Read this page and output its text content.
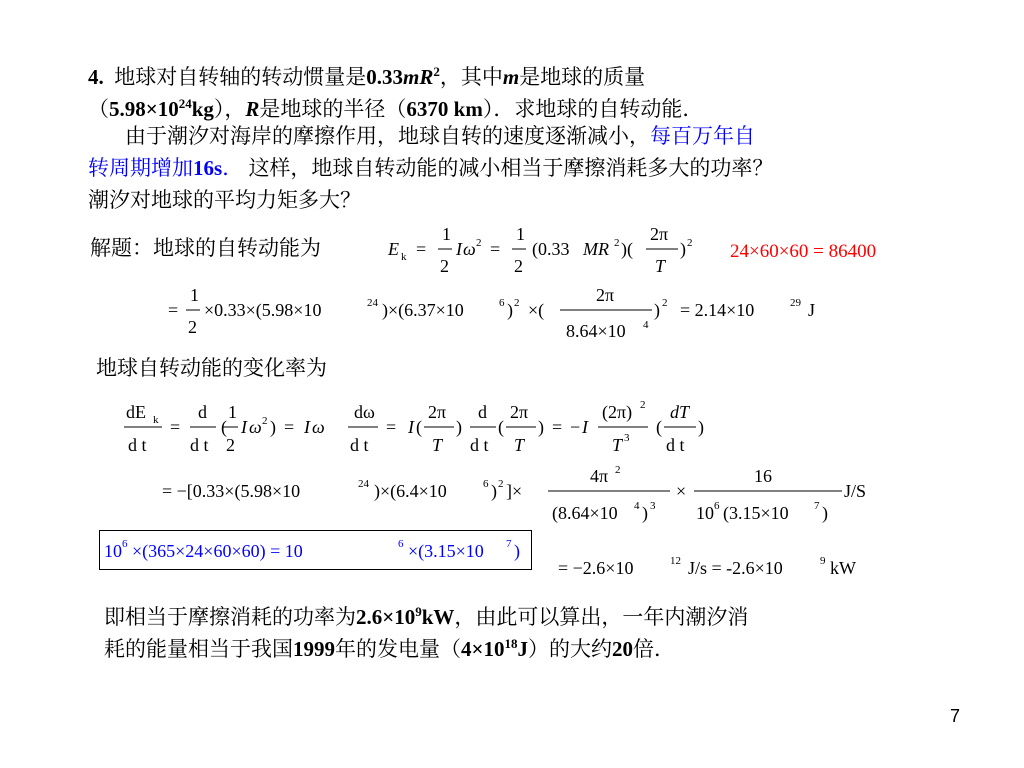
4. 地球对自转轴的转动惯量是$0.33mR^2$，其中m是地球的质量
$(5.98\times 10^{24}kg)$，R是地球的半径（6370 km）．求地球的自转动能．
由于潮汐对海岸的摩擦作用，地球自转的速度逐渐减小，每百万年自
转周期增加16s． 这样，地球自转动能的减小相当于摩擦消耗多大的功率？
潮汐对地球的平均力矩多大？
解题：地球的自转动能为	E k =
1
2
I ω 2 =
1
2
(0.33 MR 2 )(
2π
T
) 2 24×60×60 = 86400
=
1
2
×0.33×(5.98×10	24 )×(6.37×10	6 ) 2 ×(
2π
8.64×10 4
) 2 = 2.14×10	29 J
地球自转动能的变化率为
dE k
d t
=
d
d t
1
2
( I ω 2 ) = I ω
dω
d t
= I (
2π
T
)
d
d t
(
2π
T
) = − I
(2π) 2
T 3
(
dT
d t
)
= −[0.33×(5.98×10	24 )×(6.4×10	6 ) 2 ]×
4π 2
(8.64×10 4 ) 3
×
16
10 6 (3.15×10 7 )
J/S
10 6 ×(365×24×60×60) = 10	6 ×(3.15×10 7 )
= −2.6×10	12 J/s = -2.6×10	9 kW
即相当于摩擦消耗的功率为$2.6\times 10^9kW$，由此可以算出，一年内潮汐消
耗的能量相当于我国1999年的发电量$(4\times 10^{18}J)$的大约20倍．
7
